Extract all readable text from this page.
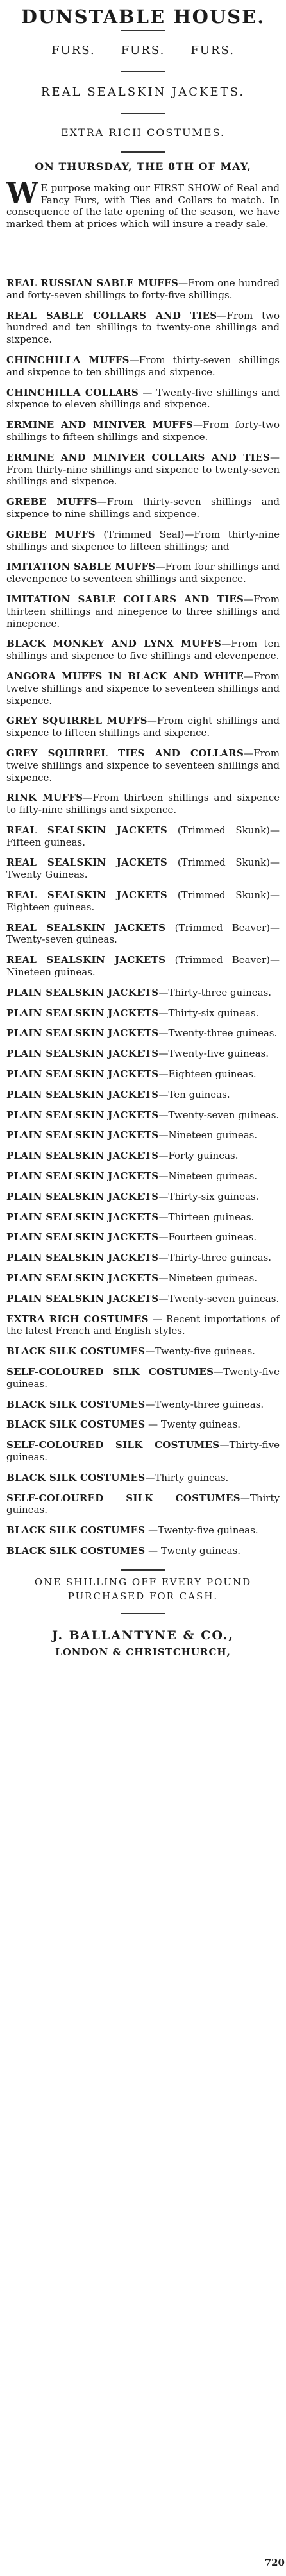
DUNSTABLE HOUSE.
FURS. FURS. FURS.
REAL SEALSKIN JACKETS.
EXTRA RICH COSTUMES.
ON THURSDAY, THE 8TH OF MAY,
W E purpose making our FIRST SHOW of Real and Fancy Furs, with Ties and Collars to match. In consequence of the late opening of the season, we have marked them at prices which will insure a ready sale.

REAL RUSSIAN SABLE MUFFS—From one hundred and forty-seven shillings to forty-five shillings.

REAL SABLE COLLARS AND TIES—From two hundred and ten shillings to twenty-one shillings and sixpence.

CHINCHILLA MUFFS—From thirty-seven shillings and sixpence to ten shillings and sixpence.

CHINCHILLA COLLARS — Twenty-five shillings and sixpence to eleven shillings and sixpence.

ERMINE AND MINIVER MUFFS—From forty-two shillings to fifteen shillings and sixpence.

ERMINE AND MINIVER COLLARS AND TIES—From thirty-nine shillings and sixpence to twenty-seven shillings and sixpence.

GREBE MUFFS—From thirty-seven shillings and sixpence to nine shillings and sixpence.

GREBE MUFFS (Trimmed Seal)—From thirty-nine shillings and sixpence to fifteen shillings; and

IMITATION SABLE MUFFS—From four shillings and elevenpence to seventeen shillings and sixpence.

IMITATION SABLE COLLARS AND TIES—From thirteen shillings and ninepence to three shillings and ninepence.

BLACK MONKEY AND LYNX MUFFS—From ten shillings and sixpence to five shillings and elevenpence.

ANGORA MUFFS IN BLACK AND WHITE—From twelve shillings and sixpence to seventeen shillings and sixpence.

GREY SQUIRREL MUFFS—From eight shillings and sixpence to fifteen shillings and sixpence.

GREY SQUIRREL TIES AND COLLARS—From twelve shillings and sixpence to seventeen shillings and sixpence.

RINK MUFFS—From thirteen shillings and sixpence to fifty-nine shillings and sixpence.

REAL SEALSKIN JACKETS (Trimmed Skunk)—Fifteen guineas.

REAL SEALSKIN JACKETS (Trimmed Skunk)—Twenty Guineas.

REAL SEALSKIN JACKETS (Trimmed Skunk)—Eighteen guineas.

REAL SEALSKIN JACKETS (Trimmed Beaver)—Twenty-seven guineas.

REAL SEALSKIN JACKETS (Trimmed Beaver)—Nineteen guineas.

PLAIN SEALSKIN JACKETS—Thirty-three guineas.

PLAIN SEALSKIN JACKETS—Thirty-six guineas.

PLAIN SEALSKIN JACKETS—Twenty-three guineas.

PLAIN SEALSKIN JACKETS—Twenty-five guineas.

PLAIN SEALSKIN JACKETS—Eighteen guineas.

PLAIN SEALSKIN JACKETS—Ten guineas.

PLAIN SEALSKIN JACKETS—Twenty-seven guineas.

PLAIN SEALSKIN JACKETS—Nineteen guineas.

PLAIN SEALSKIN JACKETS—Forty guineas.

PLAIN SEALSKIN JACKETS—Nineteen guineas.

PLAIN SEALSKIN JACKETS—Thirty-six guineas.

PLAIN SEALSKIN JACKETS—Thirteen guineas.

PLAIN SEALSKIN JACKETS—Fourteen guineas.

PLAIN SEALSKIN JACKETS—Thirty-three guineas.

PLAIN SEALSKIN JACKETS—Nineteen guineas.

PLAIN SEALSKIN JACKETS—Twenty-seven guineas.

EXTRA RICH COSTUMES — Recent importations of the latest French and English styles.

BLACK SILK COSTUMES—Twenty-five guineas.

SELF-COLOURED SILK COSTUMES—Twenty-five guineas.

BLACK SILK COSTUMES—Twenty-three guineas.

BLACK SILK COSTUMES — Twenty guineas.

SELF-COLOURED SILK COSTUMES—Thirty-five guineas.

BLACK SILK COSTUMES—Thirty guineas.

SELF-COLOURED SILK COSTUMES—Thirty guineas.

BLACK SILK COSTUMES —Twenty-five guineas.

BLACK SILK COSTUMES — Twenty guineas.

ONE SHILLING OFF EVERY POUND
PURCHASED FOR CASH.
J. BALLANTYNE & CO.,
LONDON & CHRISTCHURCH,
720
